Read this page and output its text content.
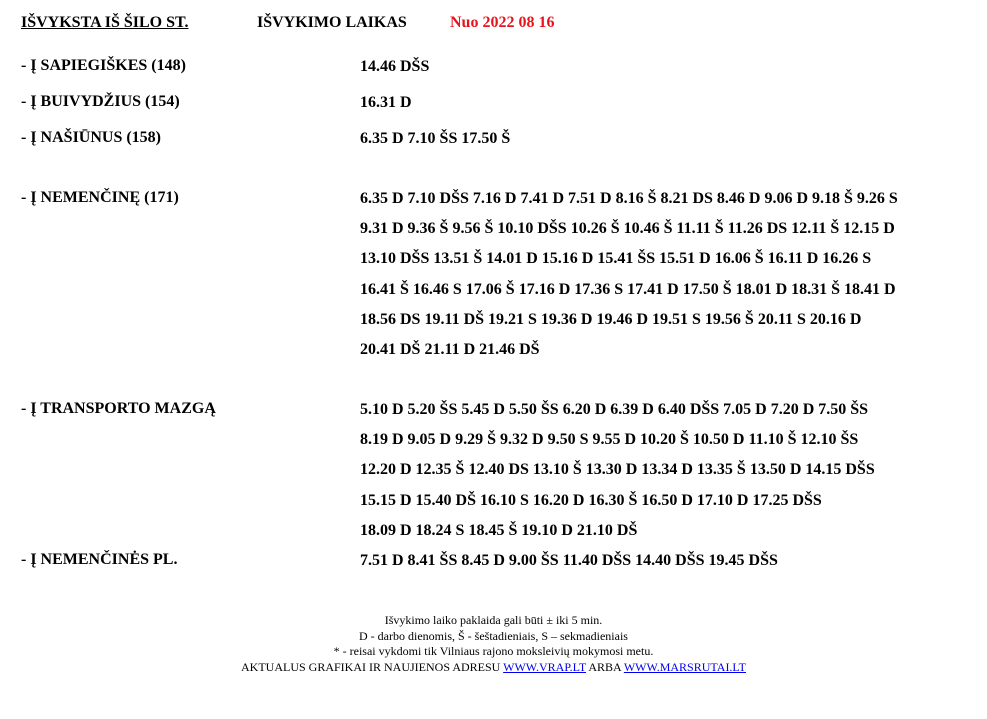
IŠVYKSTA IŠ ŠILO ST.	IŠVYKIMO LAIKAS	Nuo 2022 08 16
- Į SAPIEGIŠKES (148)	14.46 DŠS
- Į BUIVYDŽIUS (154)	16.31 D
- Į NAŠIŪNUS (158)	6.35 D 7.10 ŠS 17.50 Š
- Į NEMENČINĘ (171)	6.35 D 7.10 DŠS 7.16 D 7.41 D 7.51 D 8.16 Š 8.21 DS 8.46 D 9.06 D 9.18 Š 9.26 S
9.31 D 9.36 Š 9.56 Š 10.10 DŠS 10.26 Š 10.46 Š 11.11 Š 11.26 DS 12.11 Š 12.15 D
13.10 DŠS 13.51 Š 14.01 D 15.16 D 15.41 ŠS 15.51 D 16.06 Š 16.11 D 16.26 S
16.41 Š 16.46 S 17.06 Š 17.16 D 17.36 S 17.41 D 17.50 Š 18.01 D 18.31 Š 18.41 D
18.56 DS 19.11 DŠ 19.21 S 19.36 D 19.46 D 19.51 S 19.56 Š 20.11 S 20.16 D
20.41 DŠ 21.11 D 21.46 DŠ
- Į TRANSPORTO MAZGĄ	5.10 D 5.20 ŠS 5.45 D 5.50 ŠS 6.20 D 6.39 D 6.40 DŠS 7.05 D 7.20 D 7.50 ŠS
8.19 D 9.05 D 9.29 Š 9.32 D 9.50 S 9.55 D 10.20 Š 10.50 D 11.10 Š 12.10 ŠS
12.20 D 12.35 Š 12.40 DS 13.10 Š 13.30 D 13.34 D 13.35 Š 13.50 D 14.15 DŠS
15.15 D 15.40 DŠ 16.10 S 16.20 D 16.30 Š 16.50 D 17.10 D 17.25 DŠS
18.09 D 18.24 S 18.45 Š 19.10 D 21.10 DŠ
- Į NEMENČINĖS PL.	7.51 D 8.41 ŠS 8.45 D 9.00 ŠS 11.40 DŠS 14.40 DŠS 19.45 DŠS
Išvykimo laiko paklaida gali būti ± iki 5 min.
D - darbo dienomis, Š - šeštadieniais, S – sekmadieniais
* - reisai vykdomi tik Vilniaus rajono moksleivių mokymosi metu.
AKTUALUS GRAFIKAI IR NAUJIENOS ADRESU WWW.VRAP.LT ARBA WWW.MARSRUTAI.LT
